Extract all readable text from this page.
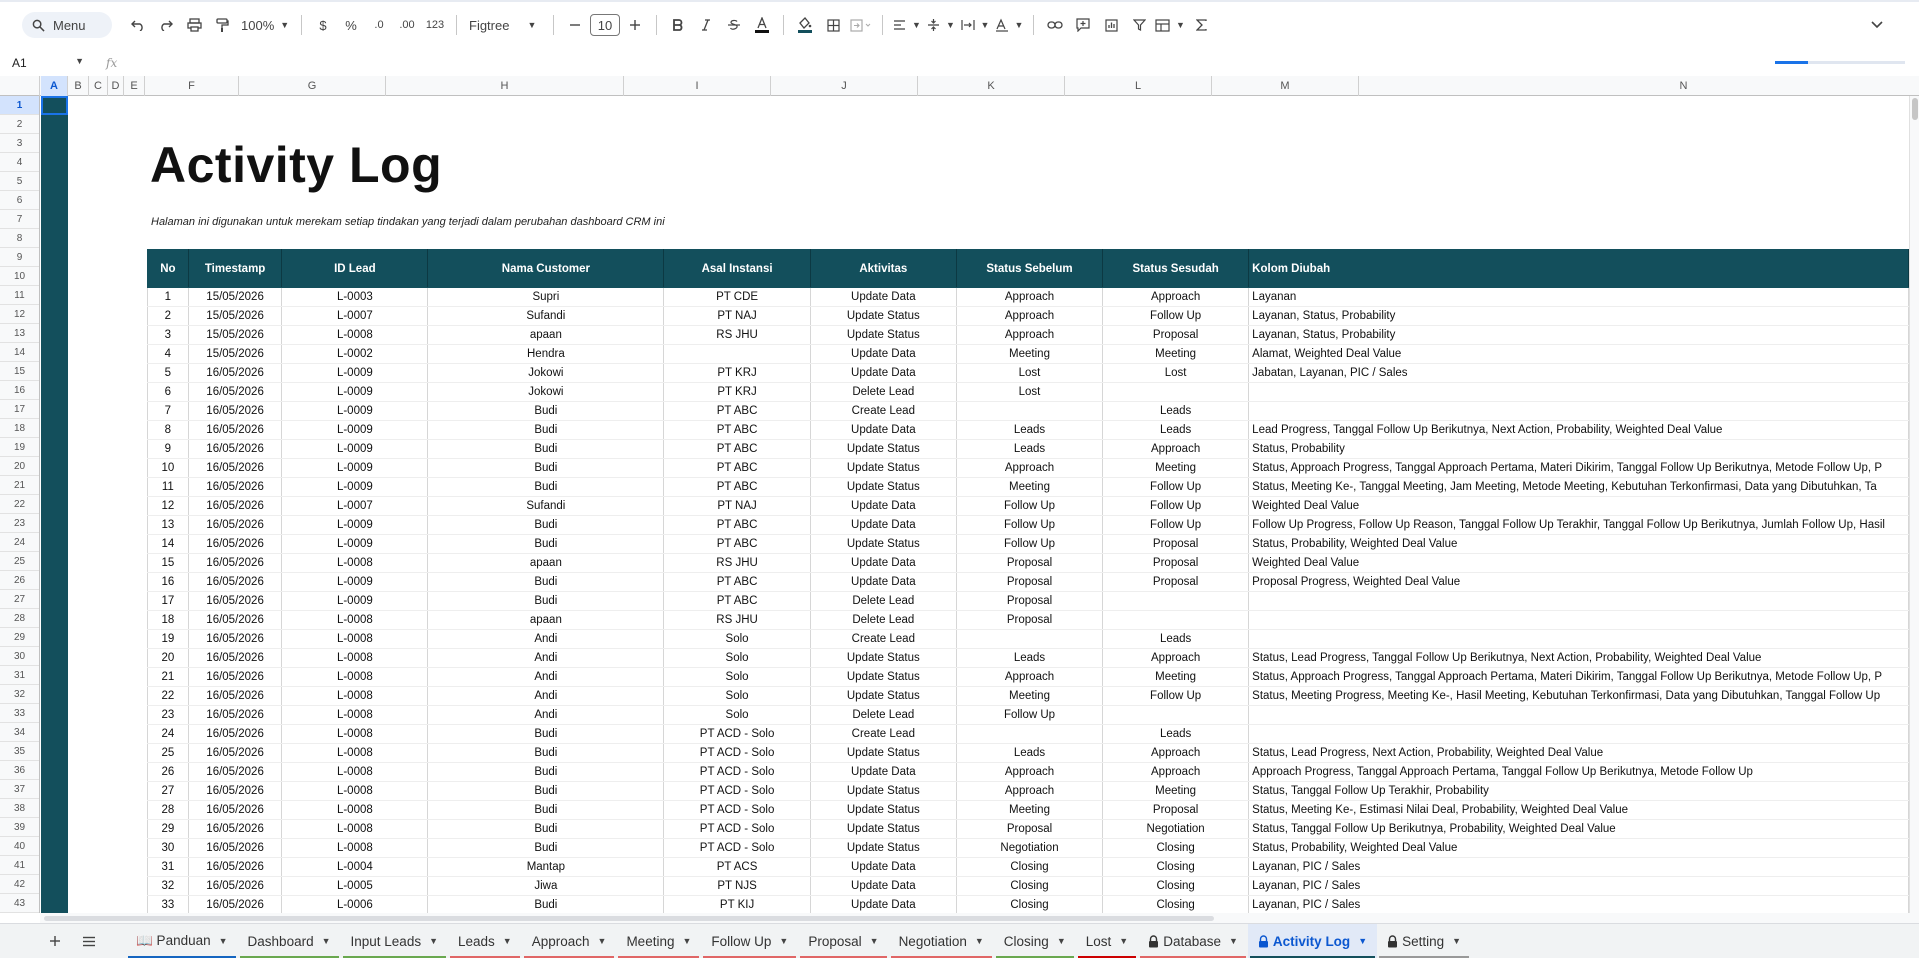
Menu	100% ▼ $ % .0 .00 123 Figtree ▼	10	▼	▼	▼	▼	▼
A1	▼ fx
A	B	C D E	F	G	H	I	J	K	L	M	N
1
2
3
4
5
6
7
8
9
10
11
12
13
14
15
16
17
18
19
20
21
22
23
24
25
26
27
28
29
30
31
32
33
34
35
36
37
38
39
40
41
42
43
Activity Log
Halaman ini digunakan untuk merekam setiap tindakan yang terjadi dalam perubahan dashboard CRM ini
No	Timestamp	ID Lead	Nama Customer	Asal Instansi	Aktivitas	Status Sebelum	Status Sesudah	Kolom Diubah
1	15/05/2026	L-0003	Supri	PT CDE	Update Data	Approach	Approach	Layanan
2	15/05/2026	L-0007	Sufandi	PT NAJ	Update Status	Approach	Follow Up	Layanan, Status, Probability
3	15/05/2026	L-0008	apaan	RS JHU	Update Status	Approach	Proposal	Layanan, Status, Probability
4	15/05/2026	L-0002	Hendra		Update Data	Meeting	Meeting	Alamat, Weighted Deal Value
5	16/05/2026	L-0009	Jokowi	PT KRJ	Update Data	Lost	Lost	Jabatan, Layanan, PIC / Sales
6	16/05/2026	L-0009	Jokowi	PT KRJ	Delete Lead	Lost		
7	16/05/2026	L-0009	Budi	PT ABC	Create Lead		Leads	
8	16/05/2026	L-0009	Budi	PT ABC	Update Data	Leads	Leads	Lead Progress, Tanggal Follow Up Berikutnya, Next Action, Probability, Weighted Deal Value
9	16/05/2026	L-0009	Budi	PT ABC	Update Status	Leads	Approach	Status, Probability
10	16/05/2026	L-0009	Budi	PT ABC	Update Status	Approach	Meeting	Status, Approach Progress, Tanggal Approach Pertama, Materi Dikirim, Tanggal Follow Up Berikutnya, Metode Follow Up, P
11	16/05/2026	L-0009	Budi	PT ABC	Update Status	Meeting	Follow Up	Status, Meeting Ke-, Tanggal Meeting, Jam Meeting, Metode Meeting, Kebutuhan Terkonfirmasi, Data yang Dibutuhkan, Ta
12	16/05/2026	L-0007	Sufandi	PT NAJ	Update Data	Follow Up	Follow Up	Weighted Deal Value
13	16/05/2026	L-0009	Budi	PT ABC	Update Data	Follow Up	Follow Up	Follow Up Progress, Follow Up Reason, Tanggal Follow Up Terakhir, Tanggal Follow Up Berikutnya, Jumlah Follow Up, Hasil
14	16/05/2026	L-0009	Budi	PT ABC	Update Status	Follow Up	Proposal	Status, Probability, Weighted Deal Value
15	16/05/2026	L-0008	apaan	RS JHU	Update Data	Proposal	Proposal	Weighted Deal Value
16	16/05/2026	L-0009	Budi	PT ABC	Update Data	Proposal	Proposal	Proposal Progress, Weighted Deal Value
17	16/05/2026	L-0009	Budi	PT ABC	Delete Lead	Proposal		
18	16/05/2026	L-0008	apaan	RS JHU	Delete Lead	Proposal		
19	16/05/2026	L-0008	Andi	Solo	Create Lead		Leads	
20	16/05/2026	L-0008	Andi	Solo	Update Status	Leads	Approach	Status, Lead Progress, Tanggal Follow Up Berikutnya, Next Action, Probability, Weighted Deal Value
21	16/05/2026	L-0008	Andi	Solo	Update Status	Approach	Meeting	Status, Approach Progress, Tanggal Approach Pertama, Materi Dikirim, Tanggal Follow Up Berikutnya, Metode Follow Up, P
22	16/05/2026	L-0008	Andi	Solo	Update Status	Meeting	Follow Up	Status, Meeting Progress, Meeting Ke-, Hasil Meeting, Kebutuhan Terkonfirmasi, Data yang Dibutuhkan, Tanggal Follow Up
23	16/05/2026	L-0008	Andi	Solo	Delete Lead	Follow Up		
24	16/05/2026	L-0008	Budi	PT ACD - Solo	Create Lead		Leads	
25	16/05/2026	L-0008	Budi	PT ACD - Solo	Update Status	Leads	Approach	Status, Lead Progress, Next Action, Probability, Weighted Deal Value
26	16/05/2026	L-0008	Budi	PT ACD - Solo	Update Data	Approach	Approach	Approach Progress, Tanggal Approach Pertama, Tanggal Follow Up Berikutnya, Metode Follow Up
27	16/05/2026	L-0008	Budi	PT ACD - Solo	Update Status	Approach	Meeting	Status, Tanggal Follow Up Terakhir, Probability
28	16/05/2026	L-0008	Budi	PT ACD - Solo	Update Status	Meeting	Proposal	Status, Meeting Ke-, Estimasi Nilai Deal, Probability, Weighted Deal Value
29	16/05/2026	L-0008	Budi	PT ACD - Solo	Update Status	Proposal	Negotiation	Status, Tanggal Follow Up Berikutnya, Probability, Weighted Deal Value
30	16/05/2026	L-0008	Budi	PT ACD - Solo	Update Status	Negotiation	Closing	Status, Probability, Weighted Deal Value
31	16/05/2026	L-0004	Mantap	PT ACS	Update Data	Closing	Closing	Layanan, PIC / Sales
32	16/05/2026	L-0005	Jiwa	PT NJS	Update Data	Closing	Closing	Layanan, PIC / Sales
33	16/05/2026	L-0006	Budi	PT KIJ	Update Data	Closing	Closing	Layanan, PIC / Sales
📖 Panduan ▼ Dashboard ▼ Input Leads ▼ Leads ▼ Approach ▼ Meeting ▼ Follow Up ▼ Proposal ▼ Negotiation ▼ Closing ▼ Lost ▼	Database ▼	Activity Log ▼	Setting ▼
